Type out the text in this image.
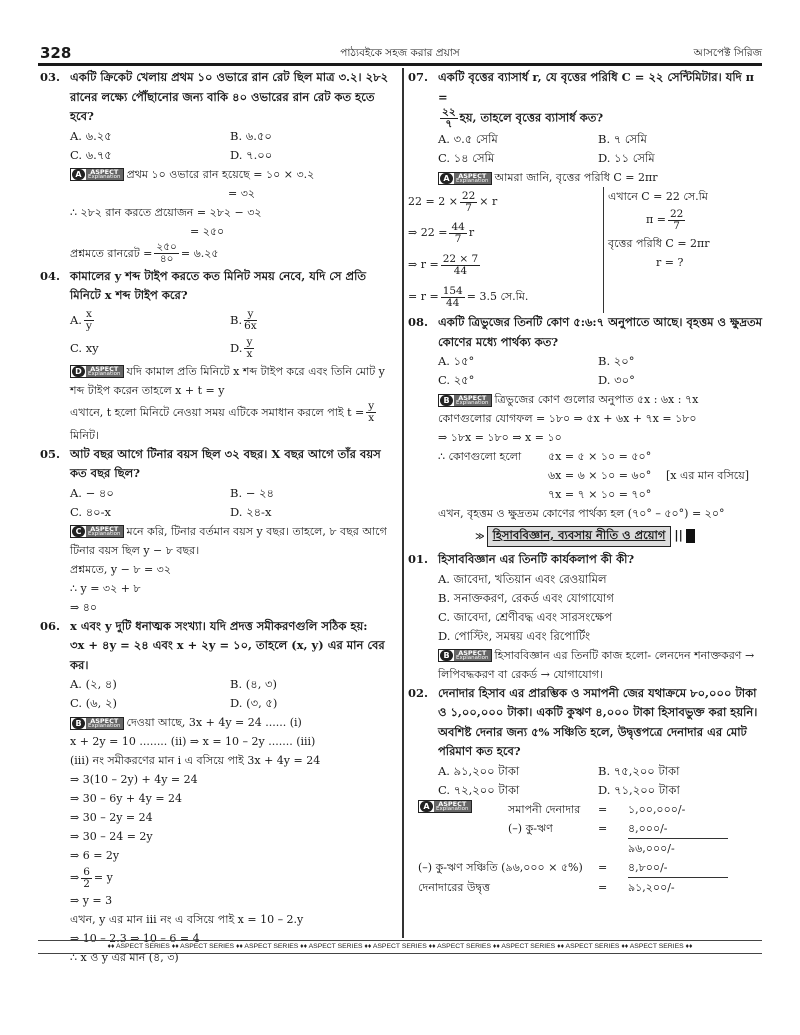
328	পাঠ্যবইকে সহজ করার প্রয়াস	আসপেক্ট সিরিজ
03. একটি ক্রিকেট খেলায় প্রথম ১০ ওভারে রান রেট ছিল মাত্র ৩.২। ২৮২ রানের লক্ষ্যে পৌঁছানোর জন্য বাকি ৪০ ওভারের রান রেট কত হতে হবে?
A. ৬.২৫	B. ৬.৫০
C. ৬.৭৫	D. ৭.০০
A	ASPECT
Explanation প্রথম ১০ ওভারে রান হয়েছে = ১০ × ৩.২
= ৩২
∴ ২৮২ রান করতে প্রয়োজন = ২৮২ − ৩২
= ২৫০
প্রশ্নমতে রানরেট = $\frac{২৫০}{৪০}$ = ৬.২৫
04. কামালের y শব্দ টাইপ করতে কত মিনিট সময় নেবে, যদি সে প্রতি মিনিটে x শব্দ টাইপ করে?
A. $\frac{x}{y}$	B. $\frac{y}{6x}$
C. xy	D. $\frac{y}{x}$
D	ASPECT
Explanation যদি কামাল প্রতি মিনিটে x শব্দ টাইপ করে এবং তিনি মোট y শব্দ টাইপ করেন তাহলে x + t = y
এখানে, t হলো মিনিটে নেওয়া সময় এটিকে সমাধান করলে পাই $t = \frac{y}{x}$
মিনিট।
05. আট বছর আগে টিনার বয়স ছিল ৩২ বছর। X বছর আগে তাঁর বয়স কত বছর ছিল?
A. − ৪০	B. − ২৪
C. ৪০-x	D. ২৪-x
C	ASPECT
Explanation মনে করি, টিনার বর্তমান বয়স y বছর। তাহলে, ৮ বছর আগে টিনার বয়স ছিল y − ৮ বছর।
প্রশ্নমতে, y − ৮ = ৩২
∴ y = ৩২ + ৮
⇒ ৪০
06. x এবং y দুটি ধনাত্মক সংখ্যা। যদি প্রদত্ত সমীকরণগুলি সঠিক হয়:
৩x + ৪y = ২৪ এবং x + ২y = ১০, তাহলে (x, y) এর মান বের কর।
A. (২, ৪)	B. (৪, ৩)
C. (৬, ২)	D. (৩, ৫)
B	ASPECT
Explanation দেওয়া আছে, 3x + 4y = 24 ...... (i)
x + 2y = 10 ........ (ii) ⇒ x = 10 – 2y ....... (iii)
(iii) নং সমীকরণের মান i এ বসিয়ে পাই 3x + 4y = 24
⇒ 3(10 – 2y) + 4y = 24
⇒ 30 – 6y + 4y = 24
⇒ 30 – 2y = 24
⇒ 30 – 24 = 2y
⇒ 6 = 2y
⇒ $\frac{6}{2} = y$
⇒ y = 3
এখন, y এর মান iii নং এ বসিয়ে পাই x = 10 – 2.y
⇒ 10 – 2.3 ⇒ 10 – 6 = 4
∴ x ও y এর মান (৪, ৩)
07. একটি বৃত্তের ব্যাসার্ধ r, যে বৃত্তের পরিধি C = ২২ সেন্টিমিটার। যদি π =

$\frac{২২}{৭}$ হয়, তাহলে বৃত্তের ব্যাসার্ধ কত?
A. ৩.৫ সেমি	B. ৭ সেমি
C. ১৪ সেমি	D. ১১ সেমি
A	ASPECT
Explanation আমরা জানি, বৃত্তের পরিধি C = 2πr
$22 = 2 \times \frac{22}{7} \times r$
⇒ $22 = \frac{44}{7}$ r
⇒ $r = \frac{22 \times 7}{44}$
= $r = \frac{154}{44} = 3.5$ সে.মি.
এখানে C = 22 সে.মি
$\pi = \frac{22}{7}$
বৃত্তের পরিধি C = 2πr
r = ?
08. একটি ত্রিভুজের তিনটি কোণ ৫:৬:৭ অনুপাতে আছে। বৃহত্তম ও ক্ষুদ্রতম কোণের মধ্যে পার্থক্য কত?
A. ১৫°	B. ২০°
C. ২৫°	D. ৩০°
B	ASPECT
Explanation ত্রিভুজের কোণ গুলোর অনুপাত ৫x : ৬x : ৭x
কোণগুলোর যোগফল = ১৮০ ⇒ ৫x + ৬x + ৭x = ১৮০
⇒ ১৮x = ১৮০ ⇒ x = ১০
∴ কোণগুলো হলো ৫x = ৫ × ১০ = ৫০°
৬x = ৬ × ১০ = ৬০° [x এর মান বসিয়ে]
৭x = ৭ × ১০ = ৭০°
এখন, বৃহত্তম ও ক্ষুদ্রতম কোণের পার্থক্য হল (৭০° – ৫০°) = ২০°
≫ হিসাববিজ্ঞান, ব্যবসায় নীতি ও প্রয়োগ ||
01. হিসাববিজ্ঞান এর তিনটি কার্যকলাপ কী কী?
A. জাবেদা, খতিয়ান এবং রেওয়ামিল
B. সনাক্তকরণ, রেকর্ড এবং যোগাযোগ
C. জাবেদা, শ্রেণীবদ্ধ এবং সারসংক্ষেপ
D. পোস্টিং, সমন্বয় এবং রিপোর্টিং
B	ASPECT
Explanation হিসাববিজ্ঞান এর তিনটি কাজ হলো- লেনদেন শনাক্তকরণ → লিপিবদ্ধকরণ বা রেকর্ড → যোগাযোগ।
02. দেনাদার হিসাব এর প্রারম্ভিক ও সমাপনী জের যথাক্রমে ৮০,০০০ টাকা ও ১,০০,০০০ টাকা। একটি কুঋণ ৪,০০০ টাকা হিসাবভুক্ত করা হয়নি। অবশিষ্ট দেনার জন্য ৫% সঞ্চিতি হলে, উদ্বৃত্তপত্রে দেনাদার এর মোট পরিমাণ কত হবে?
A. ৯১,২০০ টাকা	B. ৭৫,২০০ টাকা
C. ৭২,২০০ টাকা	D. ৭১,২০০ টাকা
A	ASPECT
Explanation	সমাপনী দেনাদার	=	১,০০,০০০/-
(–) কু-ঋণ	=	৪,০০০/-
৯৬,০০০/-
(–) কু-ঋণ সঞ্চিতি (৯৬,০০০ × ৫%)	=	৪,৮০০/-
দেনাদারের উদ্বৃত্ত	=	৯১,২০০/-
♦♦ ASPECT SERIES ♦♦ ASPECT SERIES ♦♦ ASPECT SERIES ♦♦ ASPECT SERIES ♦♦ ASPECT SERIES ♦♦ ASPECT SERIES ♦♦ ASPECT SERIES ♦♦ ASPECT SERIES ♦♦ ASPECT SERIES ♦♦
